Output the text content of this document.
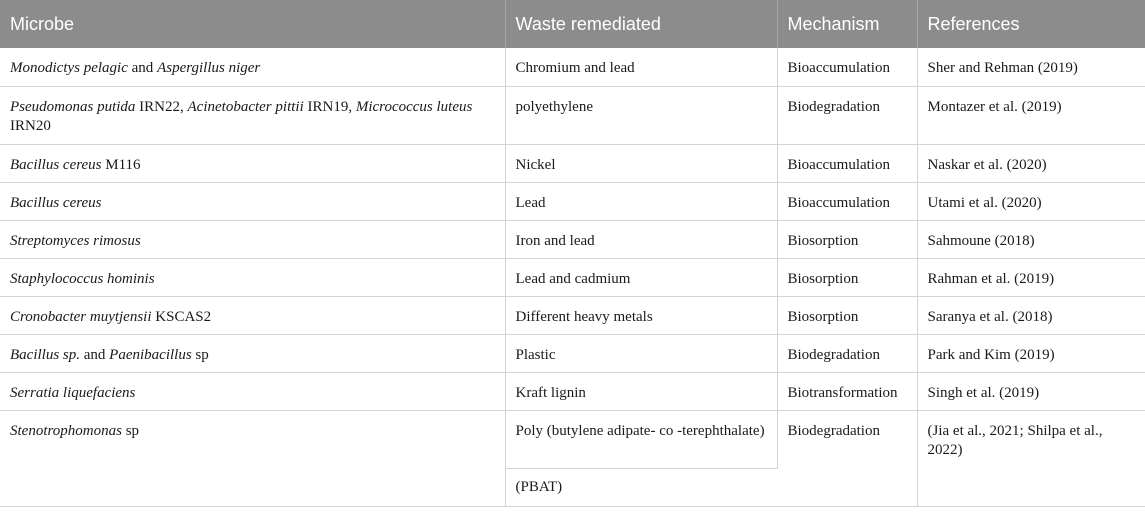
Microbe	Waste remediated	Mechanism	References
Monodictys pelagic and Aspergillus niger	Chromium and lead	Bioaccumulation	Sher and Rehman (2019)
Pseudomonas putida IRN22, Acinetobacter pittii IRN19, Micrococcus luteus IRN20	polyethylene	Biodegradation	Montazer et al. (2019)
Bacillus cereus M116	Nickel	Bioaccumulation	Naskar et al. (2020)
Bacillus cereus	Lead	Bioaccumulation	Utami et al. (2020)
Streptomyces rimosus	Iron and lead	Biosorption	Sahmoune (2018)
Staphylococcus hominis	Lead and cadmium	Biosorption	Rahman et al. (2019)
Cronobacter muytjensii KSCAS2	Different heavy metals	Biosorption	Saranya et al. (2018)
Bacillus sp. and Paenibacillus sp	Plastic	Biodegradation	Park and Kim (2019)
Serratia liquefaciens	Kraft lignin	Biotransformation	Singh et al. (2019)
Stenotrophomonas sp	Poly (butylene adipate- co -terephthalate)	Biodegradation	(Jia et al., 2021; Shilpa et al., 2022)
	(PBAT)		
